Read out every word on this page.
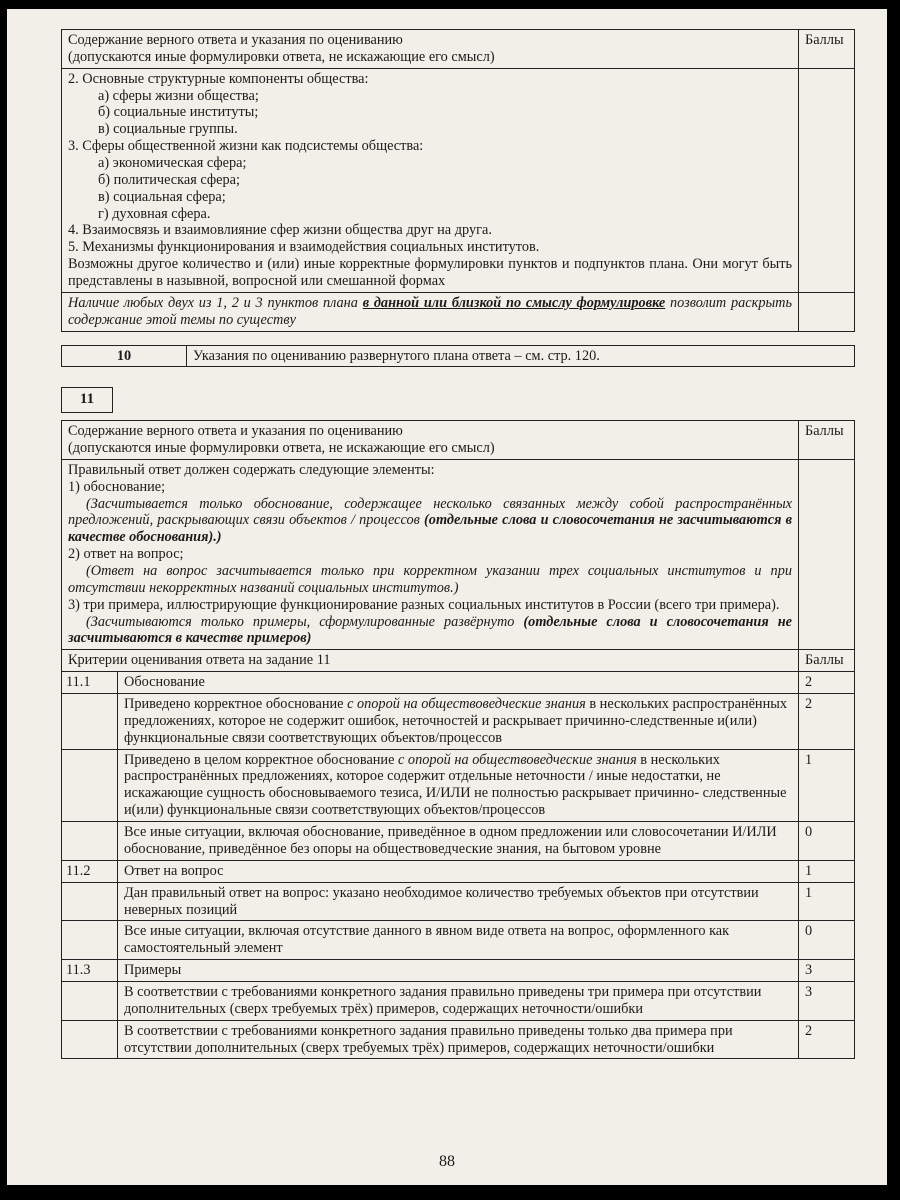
Содержание верного ответа и указания по оцениванию
(допускаются иные формулировки ответа, не искажающие его смысл)	Баллы

2. Основные структурные компоненты общества:
а) сферы жизни общества;
б) социальные институты;
в) социальные группы.
3. Сферы общественной жизни как подсистемы общества:
а) экономическая сфера;
б) политическая сфера;
в) социальная сфера;
г) духовная сфера.
4. Взаимосвязь и взаимовлияние сфер жизни общества друг на друга.
5. Механизмы функционирования и взаимодействия социальных институтов.
Возможны другое количество и (или) иные корректные формулировки пунктов и подпунктов плана. Они могут быть представлены в назывной, вопросной или смешанной формах

Наличие любых двух из 1, 2 и 3 пунктов плана в данной или близкой по смыслу формулировке позволит раскрыть содержание этой темы по существу	

10	Указания по оцениванию развернутого плана ответа – см. стр. 120.
11
Содержание верного ответа и указания по оцениванию
(допускаются иные формулировки ответа, не искажающие его смысл)		Баллы

Правильный ответ должен содержать следующие элементы:
1) обоснование;
(Засчитывается только обоснование, содержащее несколько связанных между собой распространённых предложений, раскрывающих связи объектов / процессов (отдельные слова и словосочетания не засчитываются в качестве обоснования).)
2) ответ на вопрос;
(Ответ на вопрос засчитывается только при корректном указании трех социальных институтов и при отсутствии некорректных названий социальных институтов.)
3) три примера, иллюстрирующие функционирование разных социальных институтов в России (всего три примера).
(Засчитываются только примеры, сформулированные развёрнуто (отдельные слова и словосочетания не засчитываются в качестве примеров)

Критерии оценивания ответа на задание 11		Баллы
11.1	Обоснование	2
	Приведено корректное обоснование с опорой на обществоведческие знания в нескольких распространённых предложениях, которое не содержит ошибок, неточностей и раскрывает причинно-следственные и(или) функциональные связи соответствующих объектов/процессов	2
	Приведено в целом корректное обоснование с опорой на обществоведческие знания в нескольких распространённых предложениях, которое содержит отдельные неточности / иные недостатки, не искажающие сущность обосновываемого тезиса, И/ИЛИ не полностью раскрывает причинно- следственные и(или) функциональные связи соответствующих объектов/процессов	1
	Все иные ситуации, включая обоснование, приведённое в одном предложении или словосочетании И/ИЛИ обоснование, приведённое без опоры на обществоведческие знания, на бытовом уровне	0
11.2	Ответ на вопрос	1
	Дан правильный ответ на вопрос: указано необходимое количество требуемых объектов при отсутствии неверных позиций	1
	Все иные ситуации, включая отсутствие данного в явном виде ответа на вопрос, оформленного как самостоятельный элемент	0
11.3	Примеры	3
	В соответствии с требованиями конкретного задания правильно приведены три примера при отсутствии дополнительных (сверх требуемых трёх) примеров, содержащих неточности/ошибки	3
	В соответствии с требованиями конкретного задания правильно приведены только два примера при отсутствии дополнительных (сверх требуемых трёх) примеров, содержащих неточности/ошибки	2
88
